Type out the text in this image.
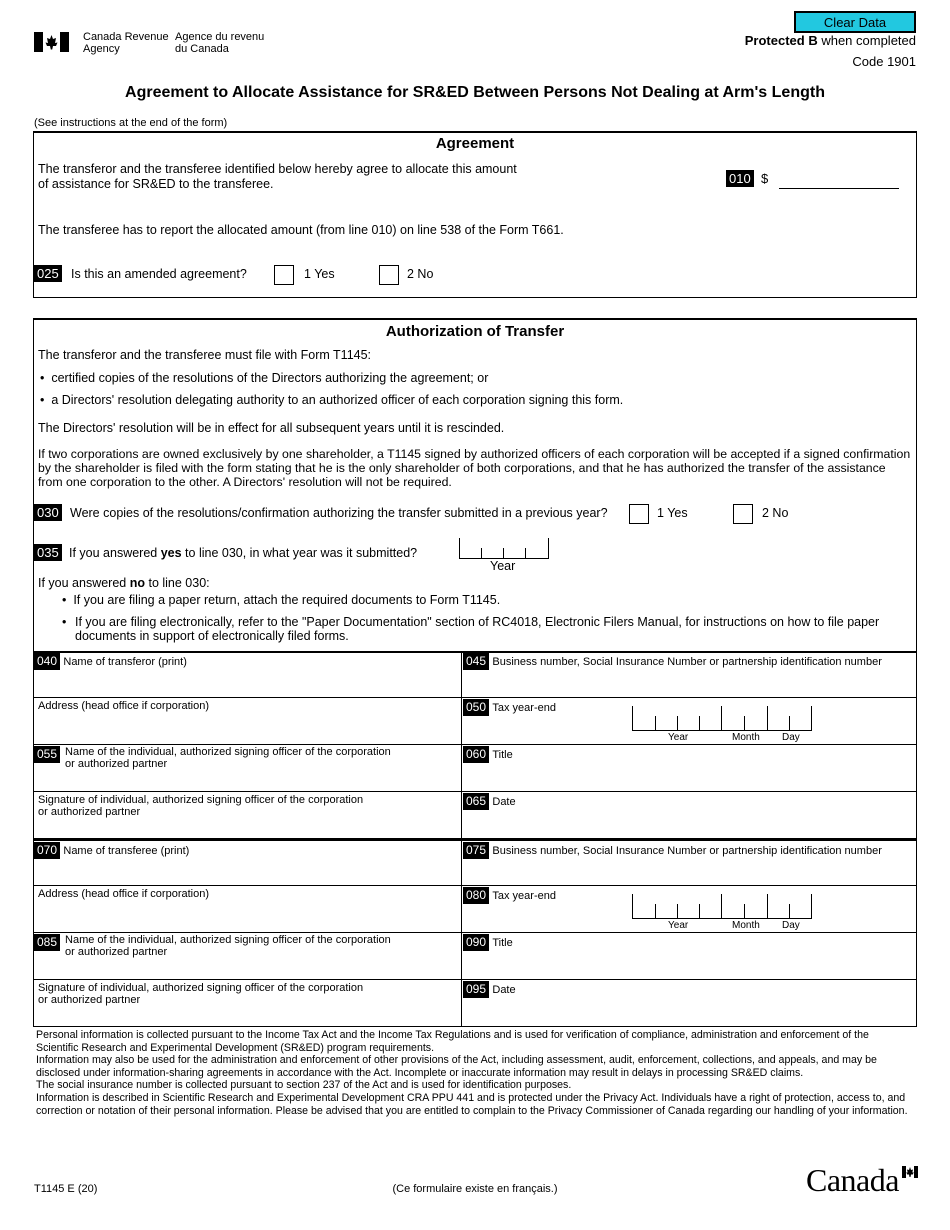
Canada Revenue
Agency
Agence du revenu
du Canada
Clear Data
Protected B when completed
Code 1901
Agreement to Allocate Assistance for SR&ED Between Persons Not Dealing at Arm's Length
(See instructions at the end of the form)
Agreement
The transferor and the transferee identified below hereby agree to allocate this amount
of assistance for SR&ED to the transferee.	010 $
The transferee has to report the allocated amount (from line 010) on line 538 of the Form T661.
025 Is this an amended agreement?	1 Yes	2 No
Authorization of Transfer
The transferor and the transferee must file with Form T1145:
•  certified copies of the resolutions of the Directors authorizing the agreement; or
•  a Directors' resolution delegating authority to an authorized officer of each corporation signing this form.
The Directors' resolution will be in effect for all subsequent years until it is rescinded.
If two corporations are owned exclusively by one shareholder, a T1145 signed by authorized officers of each corporation will be accepted if a signed confirmation by the shareholder is filed with the form stating that he is the only shareholder of both corporations, and that he has authorized the transfer of the assistance from one corporation to the other. A Directors' resolution will not be required.
030 Were copies of the resolutions/confirmation authorizing the transfer submitted in a previous year?	1 Yes	2 No
035 If you answered yes to line 030, in what year was it submitted?
Year
If you answered no to line 030:
•  If you are filing a paper return, attach the required documents to Form T1145.
• If you are filing electronically, refer to the "Paper Documentation" section of RC4018, Electronic Filers Manual, for instructions on how to file paper documents in support of electronically filed forms.
040 Name of transferor (print)	045 Business number, Social Insurance Number or partnership identification number
Address (head office if corporation)	050 Tax year-end
Year	Month Day
055 Name of the individual, authorized signing officer of the corporation
or authorized partner
060 Title
Signature of individual, authorized signing officer of the corporation
or authorized partner
065 Date
070 Name of transferee (print)	075 Business number, Social Insurance Number or partnership identification number
Address (head office if corporation)	080 Tax year-end
Year	Month Day
085 Name of the individual, authorized signing officer of the corporation
or authorized partner
090 Title
Signature of individual, authorized signing officer of the corporation
or authorized partner
095 Date
Personal information is collected pursuant to the Income Tax Act and the Income Tax Regulations and is used for verification of compliance, administration and enforcement of the Scientific Research and Experimental Development (SR&ED) program requirements.
Information may also be used for the administration and enforcement of other provisions of the Act, including assessment, audit, enforcement, collections, and appeals, and may be disclosed under information-sharing agreements in accordance with the Act. Incomplete or inaccurate information may result in delays in processing SR&ED claims.
The social insurance number is collected pursuant to section 237 of the Act and is used for identification purposes.
Information is described in Scientific Research and Experimental Development CRA PPU 441 and is protected under the Privacy Act. Individuals have a right of protection, access to, and correction or notation of their personal information. Please be advised that you are entitled to complain to the Privacy Commissioner of Canada regarding our handling of your information.
T1145 E (20)	(Ce formulaire existe en français.)	Canada
